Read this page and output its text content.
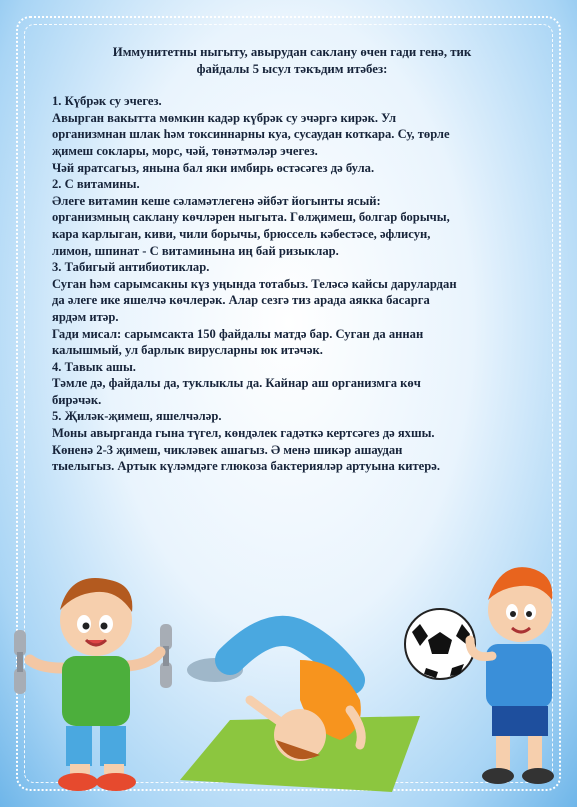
Иммунитетны ныгыту, авырудан саклану өчен гади генә, тик
файдалы 5 ысул тәкъдим итәбез:
1. Күбрәк су эчегез.
Авырган вакытта мөмкин кадәр күбрәк су эчәргә кирәк. Ул
организмнан шлак һәм токсиннарны куа, сусаудан коткара. Су, төрле
җимеш соклары, морс, чәй, төнәтмәләр эчегез.
Чәй яратсагыз, янына бал яки имбирь өстәсәгез дә була.
2. С витамины.
Әлеге витамин кеше сәламәтлегенә әйбәт йогынты ясый:
организмның саклану көчләрен ныгыта. Гөлҗимеш, болгар борычы,
кара карлыган, киви, чили борычы, брюссель кәбестәсе, әфлисун,
лимон, шпинат - С витаминына иң бай ризыклар.
3. Табигый антибиотиклар.
Суган һәм сарымсакны күз уңында тотабыз. Теләсә кайсы дарулардан
да әлеге ике яшелчә көчлерәк. Алар сезгә тиз арада аякка басарга
ярдәм итәр.
Гади мисал: сарымсакта 150 файдалы матдә бар. Суган да аннан
калышмый, ул барлык вирусларны юк итәчәк.
4. Тавык ашы.
Тәмле дә, файдалы да, туклыклы да. Кайнар аш организмга көч
бирәчәк.
5. Җиләк-җимеш, яшелчәләр.
Моны авырганда гына түгел, көндәлек гадәткә кертсәгез дә яхшы.
Көненә 2-3 җимеш, чикләвек ашагыз. Ә менә шикәр ашаудан
тыелыгыз. Артык күләмдәге глюкоза бактерияләр артуына китерә.
